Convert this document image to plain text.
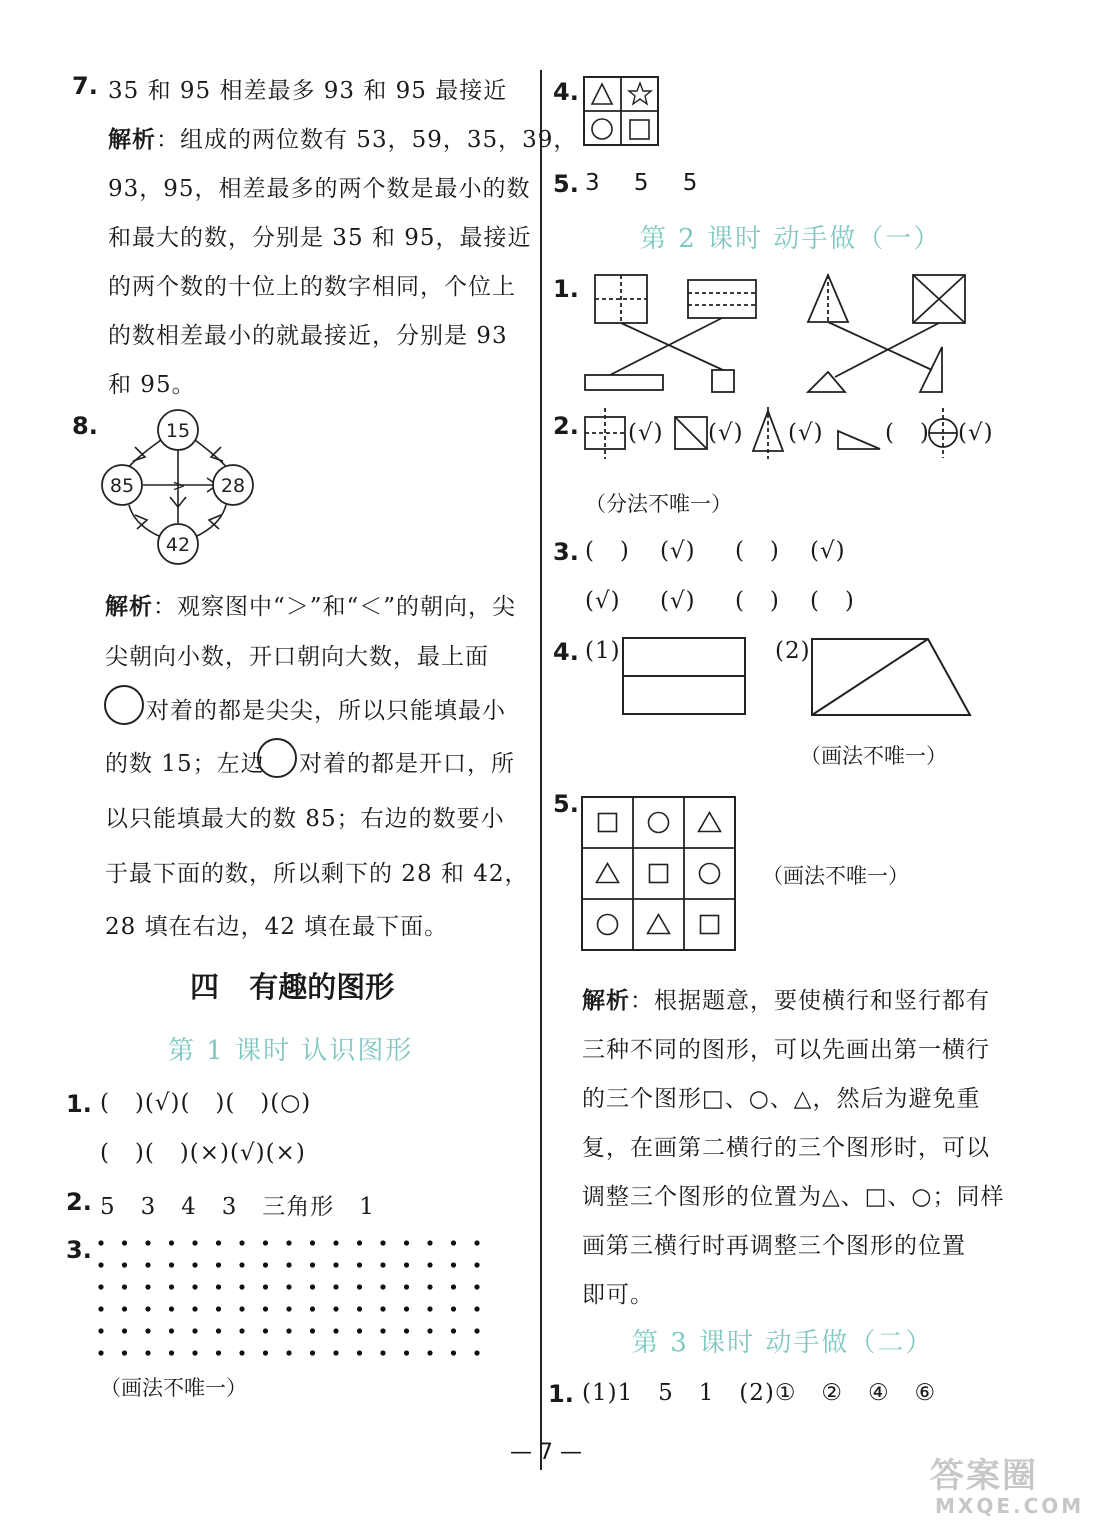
7. 35 和 95 相差最多 93 和 95 最接近
解析：组成的两位数有 53，59，35，39，
93，95，相差最多的两个数是最小的数
和最大的数，分别是 35 和 95，最接近
的两个数的十位上的数字相同，个位上
的数相差最小的就最接近，分别是 93
和 95。
8.	15
85	28
42
>
解析：观察图中“＞”和“＜”的朝向，尖
尖朝向小数，开口朝向大数，最上面
对着的都是尖尖，所以只能填最小
的数 15；左边 对着的都是开口，所
以只能填最大的数 85；右边的数要小
于最下面的数，所以剩下的 28 和 42，
28 填在右边，42 填在最下面。
四   有趣的图形
第 1 课时 认识图形
1. (   )(√)(   )(   )(○)
(   )(   )(×)(√)(×)
2. 5   3   4   3   三角形   1
3.
（画法不唯一）
4.
5. 3    5    5
第 2 课时 动手做（一）
1.
2. (√) (√) (√)	(   ) (√)
（分法不唯一）
3. (   ) (√) (   ) (√)
(√) (√) (   ) (   )
4. (1)	(2)
（画法不唯一）
5.
（画法不唯一）
解析：根据题意，要使横行和竖行都有
三种不同的图形，可以先画出第一横行
的三个图形□、○、△，然后为避免重
复，在画第二横行的三个图形时，可以
调整三个图形的位置为△、□、○；同样
画第三横行时再调整三个图形的位置
即可。
第 3 课时 动手做（二）
1. (1)1   5   1   (2)①   ②   ④   ⑥
— 7 —
答案圈
MXQE.COM
